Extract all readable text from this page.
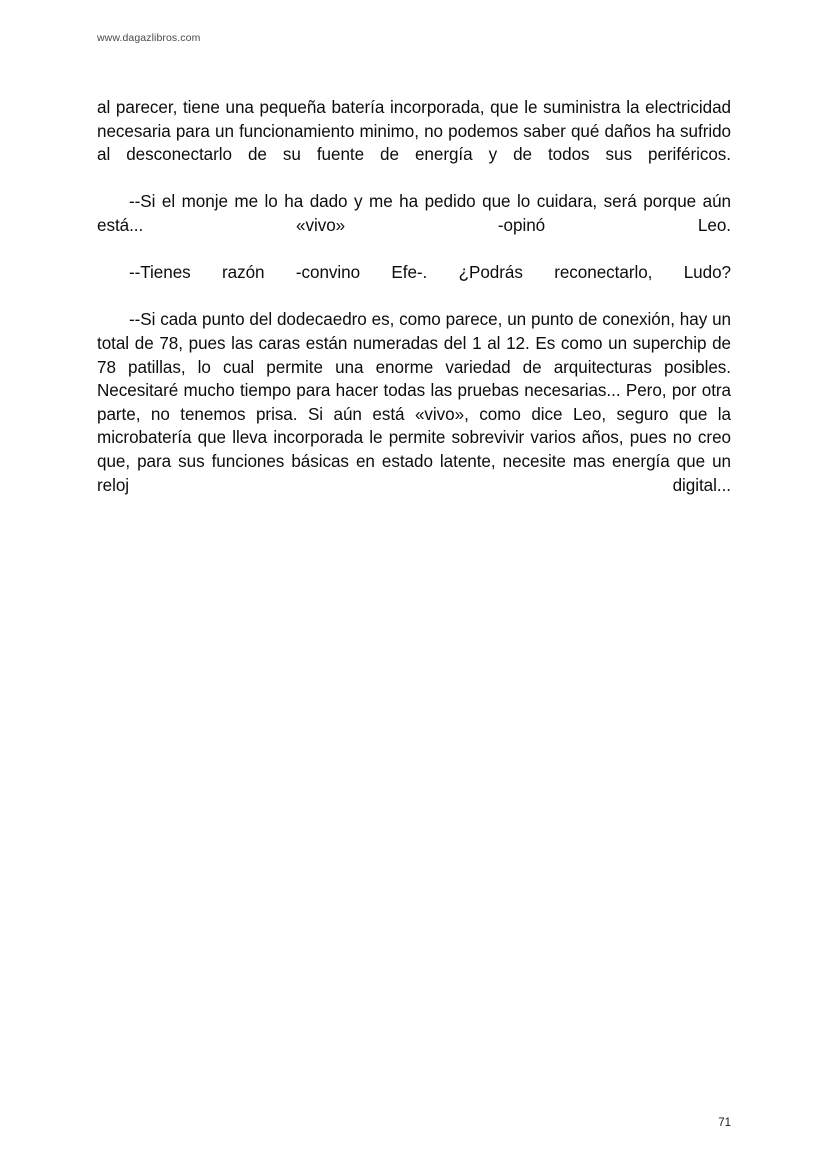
www.dagazlibros.com

al parecer, tiene una pequeña batería incorporada, que le suministra la electricidad necesaria para un funcionamiento minimo, no podemos saber qué daños ha sufrido al desconectarlo de su fuente de energía y de todos sus periféricos.

--Si el monje me lo ha dado y me ha pedido que lo cuidara, será porque aún está... «vivo» -opinó Leo.

--Tienes razón -convino Efe-. ¿Podrás reconectarlo, Ludo?

--Si cada punto del dodecaedro es, como parece, un punto de conexión, hay un total de 78, pues las caras están numeradas del 1 al 12. Es como un superchip de 78 patillas, lo cual permite una enorme variedad de arquitecturas posibles. Necesitaré mucho tiempo para hacer todas las pruebas necesarias... Pero, por otra parte, no tenemos prisa. Si aún está «vivo», como dice Leo, seguro que la microbatería que lleva incorporada le permite sobrevivir varios años, pues no creo que, para sus funciones básicas en estado latente, necesite mas energía que un reloj digital...

71
